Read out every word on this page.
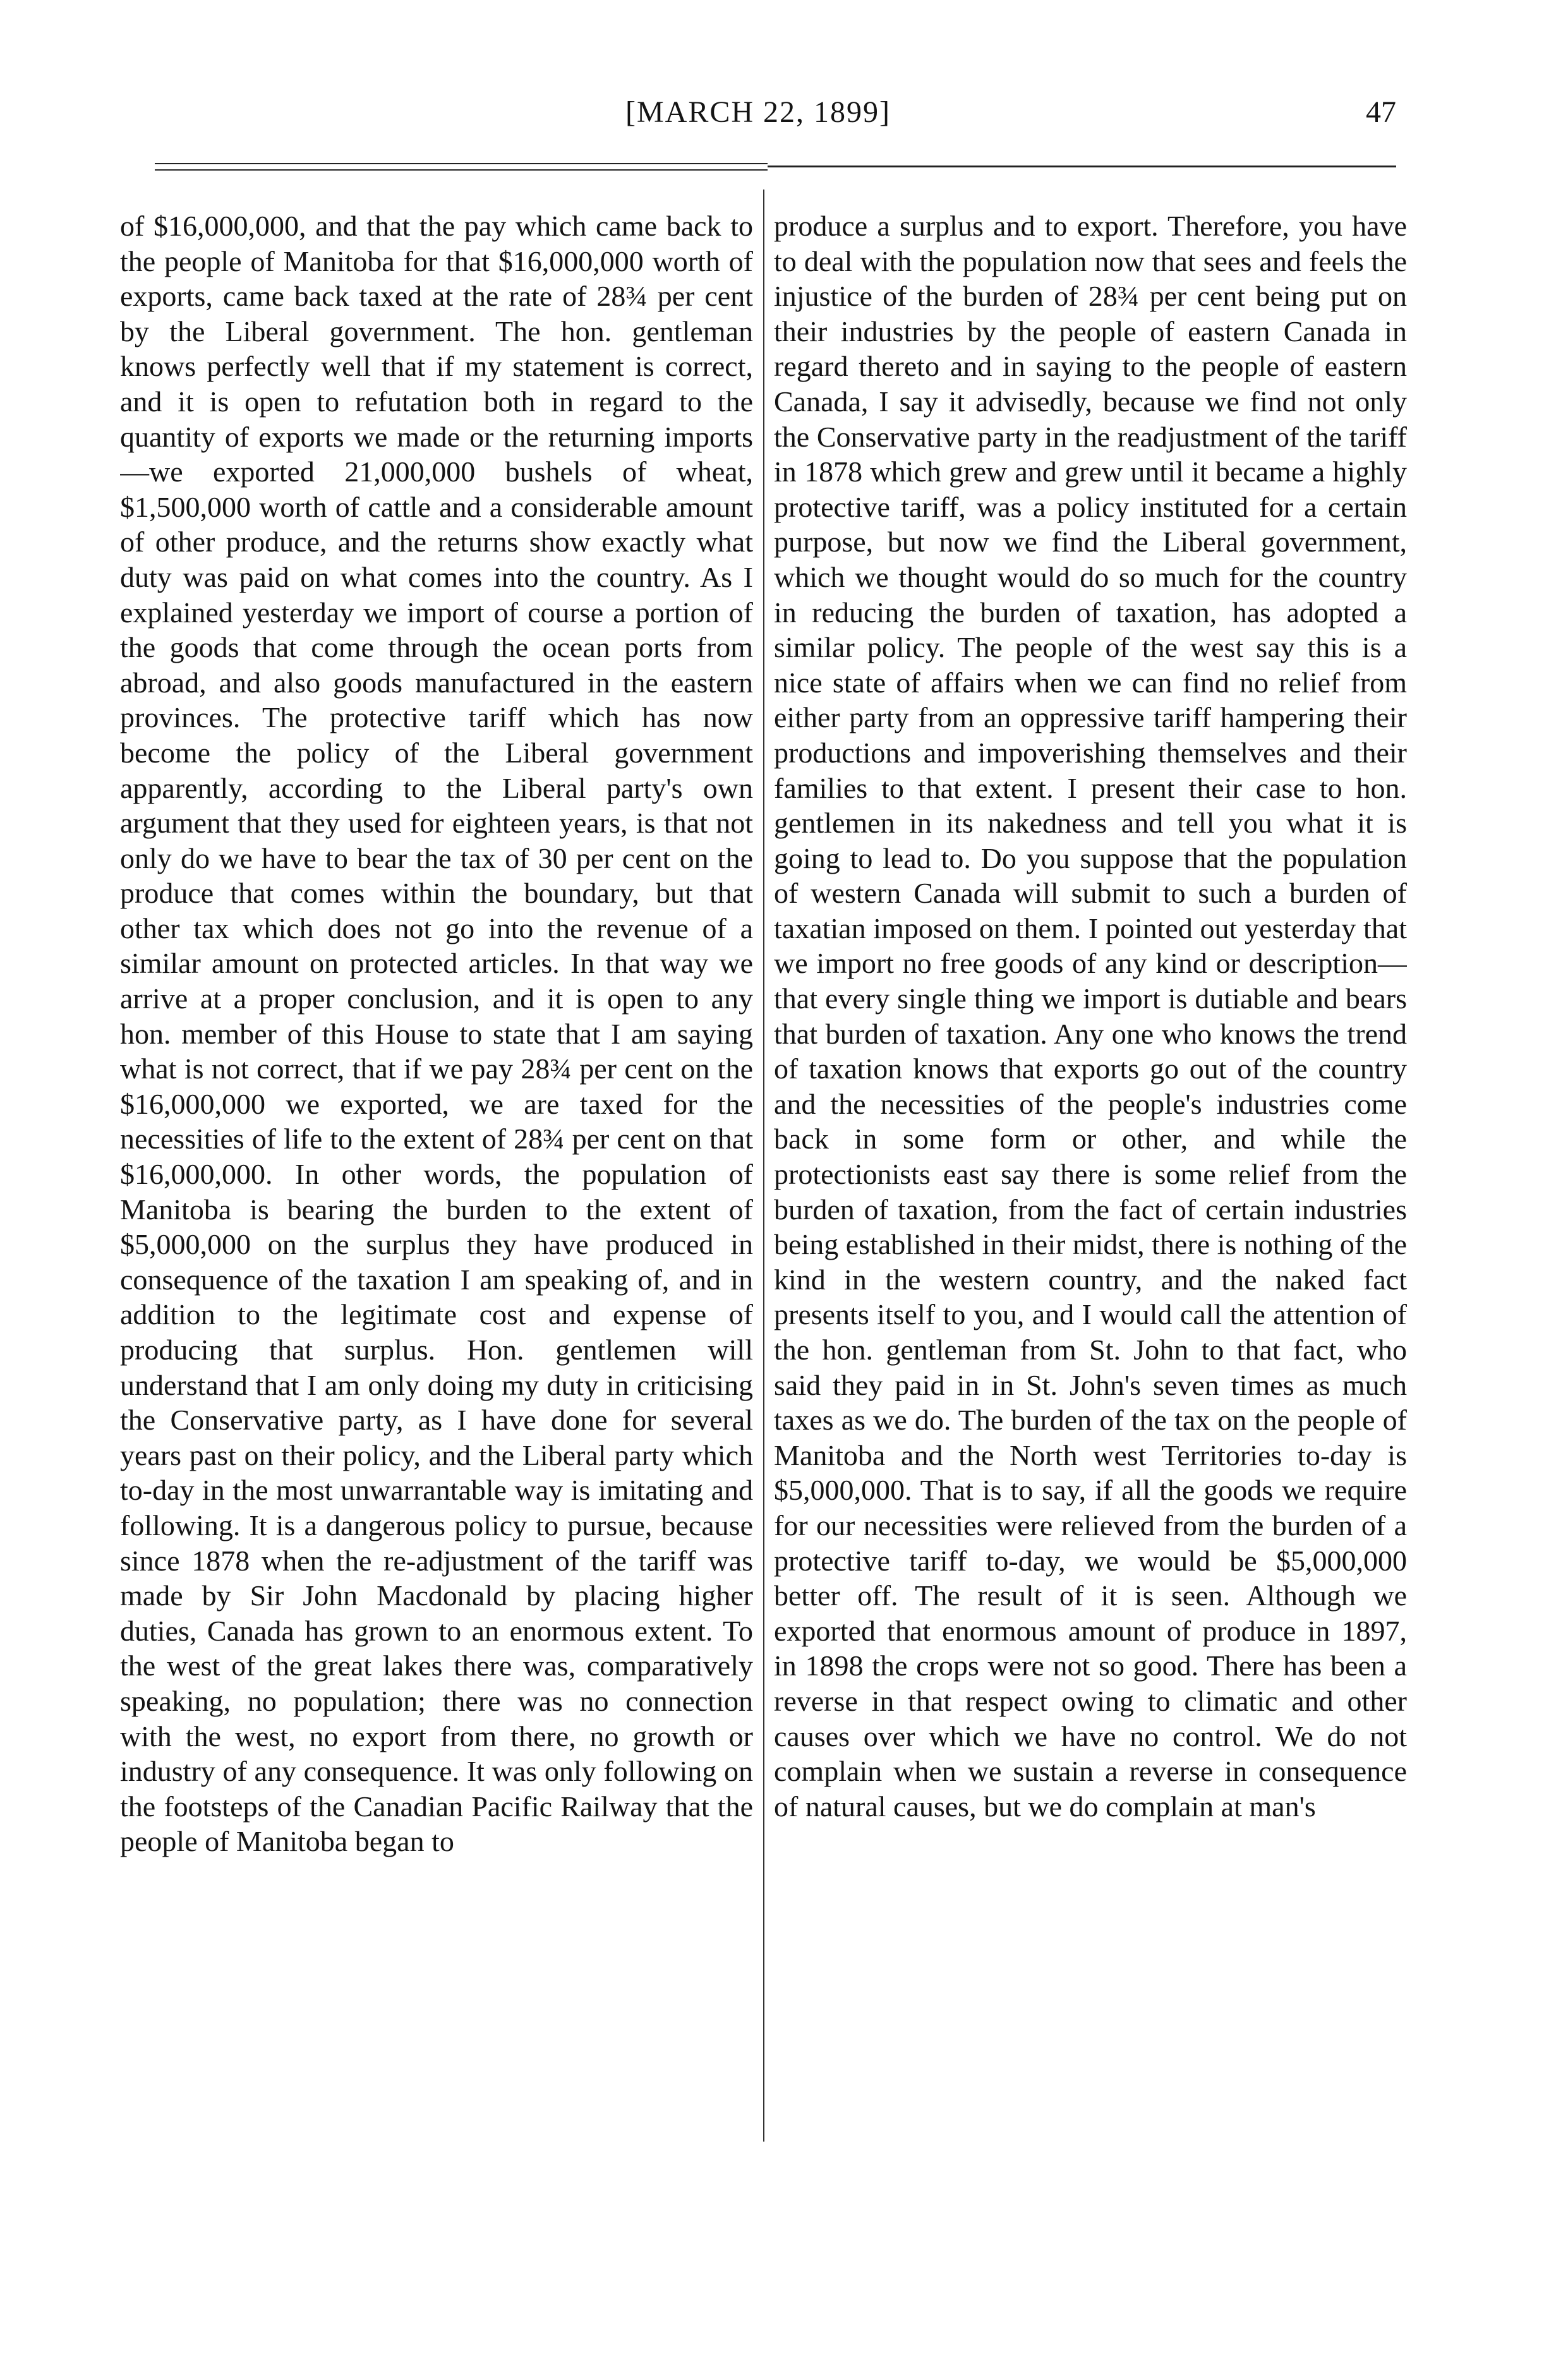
[MARCH 22, 1899]	47

of $16,000,000, and that the pay which came back to the people of Manitoba for that $16,000,000 worth of exports, came back taxed at the rate of 28¾ per cent by the Liberal government. The hon. gentleman knows perfectly well that if my statement is correct, and it is open to refutation both in regard to the quantity of exports we made or the returning imports—we exported 21,000,000 bushels of wheat, $1,500,000 worth of cattle and a considerable amount of other produce, and the returns show exactly what duty was paid on what comes into the country. As I explained yesterday we import of course a portion of the goods that come through the ocean ports from abroad, and also goods manufactured in the eastern provinces. The protective tariff which has now become the policy of the Liberal government apparently, according to the Liberal party's own argument that they used for eighteen years, is that not only do we have to bear the tax of 30 per cent on the produce that comes within the boundary, but that other tax which does not go into the revenue of a similar amount on protected articles. In that way we arrive at a proper conclusion, and it is open to any hon. member of this House to state that I am saying what is not correct, that if we pay 28¾ per cent on the $16,000,000 we exported, we are taxed for the necessities of life to the extent of 28¾ per cent on that $16,000,000. In other words, the population of Manitoba is bearing the burden to the extent of $5,000,000 on the surplus they have produced in consequence of the taxation I am speaking of, and in addition to the legitimate cost and expense of producing that surplus. Hon. gentlemen will understand that I am only doing my duty in criticising the Conservative party, as I have done for several years past on their policy, and the Liberal party which to-day in the most unwarrantable way is imitating and following. It is a dangerous policy to pursue, because since 1878 when the re-adjustment of the tariff was made by Sir John Macdonald by placing higher duties, Canada has grown to an enormous extent. To the west of the great lakes there was, comparatively speaking, no population; there was no connection with the west, no export from there, no growth or industry of any consequence. It was only following on the footsteps of the Canadian Pacific Railway that the people of Manitoba began to

produce a surplus and to export. Therefore, you have to deal with the population now that sees and feels the injustice of the burden of 28¾ per cent being put on their industries by the people of eastern Canada in regard thereto and in saying to the people of eastern Canada, I say it advisedly, because we find not only the Conservative party in the readjustment of the tariff in 1878 which grew and grew until it became a highly protective tariff, was a policy instituted for a certain purpose, but now we find the Liberal government, which we thought would do so much for the country in reducing the burden of taxation, has adopted a similar policy. The people of the west say this is a nice state of affairs when we can find no relief from either party from an oppressive tariff hampering their productions and impoverishing themselves and their families to that extent. I present their case to hon. gentlemen in its nakedness and tell you what it is going to lead to. Do you suppose that the population of western Canada will submit to such a burden of taxatian imposed on them. I pointed out yesterday that we import no free goods of any kind or description—that every single thing we import is dutiable and bears that burden of taxation. Any one who knows the trend of taxation knows that exports go out of the country and the necessities of the people's industries come back in some form or other, and while the protectionists east say there is some relief from the burden of taxation, from the fact of certain industries being established in their midst, there is nothing of the kind in the western country, and the naked fact presents itself to you, and I would call the attention of the hon. gentleman from St. John to that fact, who said they paid in in St. John's seven times as much taxes as we do. The burden of the tax on the people of Manitoba and the North west Territories to-day is $5,000,000. That is to say, if all the goods we require for our necessities were relieved from the burden of a protective tariff to-day, we would be $5,000,000 better off. The result of it is seen. Although we exported that enormous amount of produce in 1897, in 1898 the crops were not so good. There has been a reverse in that respect owing to climatic and other causes over which we have no control. We do not complain when we sustain a reverse in consequence of natural causes, but we do complain at man's
